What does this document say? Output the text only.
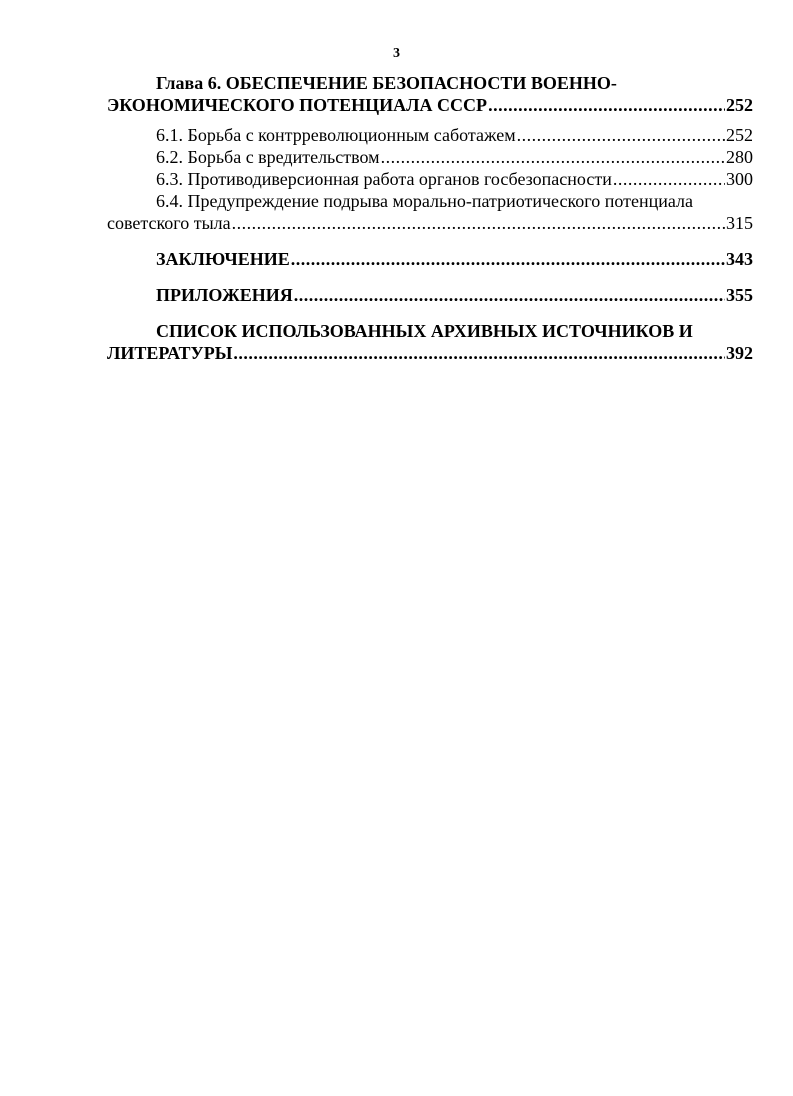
3
Глава 6. ОБЕСПЕЧЕНИЕ БЕЗОПАСНОСТИ ВОЕННО-
ЭКОНОМИЧЕСКОГО ПОТЕНЦИАЛА СССР .....	252
6.1. Борьба с контрреволюционным саботажем .....	252
6.2. Борьба с вредительством .....	280
6.3. Противодиверсионная работа органов госбезопасности .....	300
6.4. Предупреждение подрыва морально-патриотического потенциала
советского тыла .....	315
ЗАКЛЮЧЕНИЕ .....	343
ПРИЛОЖЕНИЯ .....	355
СПИСОК ИСПОЛЬЗОВАННЫХ АРХИВНЫХ ИСТОЧНИКОВ И
ЛИТЕРАТУРЫ .....	392
